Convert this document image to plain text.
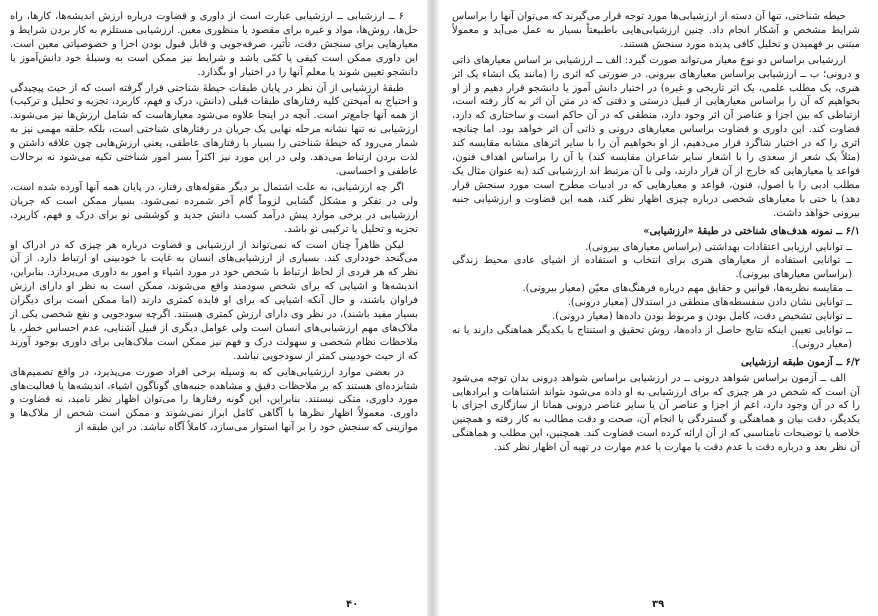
۶ ــ ارزشیابی ــ ارزشیابی عبارت است از داوری و قضاوت درباره ارزش اندیشه‌ها، کارها، راه حل‌ها، روش‌ها، مواد و غیره برای مقصود یا منظوری معین. ارزشیابی مستلزم به کار بردن شرایط و معیارهایی برای سنجش دقت، تأثیر، صرفه‌جویی و قابل قبول بودن اجزا و خصوصیاتی معین است. این داوری ممکن است کیفی یا کمّی باشد و شرایط نیز ممکن است به وسیلهٔ خود دانش‌آموز یا دانشجو تعیین شوند یا معلم آنها را در اختیار او بگذارد.

طبقهٔ ارزشیابی از آن نظر در پایان طبقات حیطهٔ شناختی قرار گرفته است که از حیث پیچیدگی و احتیاج به آمیختن کلیه رفتارهای طبقات قبلی (دانش، درک و فهم، کاربرد، تجزیه و تحلیل و ترکیب) از همه آنها جامع‌تر است. آنچه در اینجا علاوه می‌شود معیارهاست که شامل ارزش‌ها نیز می‌شوند. ارزشیابی نه تنها نشانه مرحله نهایی یک جریان در رفتارهای شناختی است، بلکه حلقه مهمی نیز به شمار می‌رود که حیطهٔ شناختی را بسیار با رفتارهای عاطفی، یعنی ارزش‌هایی چون علاقه داشتن و لذت بردن ارتباط می‌دهد. ولی در این مورد نیز اکثراً بسر امور شناختی تکیه می‌شود نه برحالات عاطفی و احساسی.

اگر چه ارزشیابی، به علت اشتمال بر دیگر مقوله‌های رفتار، در پایان همه آنها آورده شده است، ولی در تفکر و مشکل گشایی لزوماً گام آخر شمرده نمی‌شود. بسیار ممکن است که جریان ارزشیابی در برخی موارد پیش درآمد کسب دانش جدید و کوششی نو برای درک و فهم، کاربرد، تجزیه و تحلیل یا ترکیبی نو باشد.

لیکن ظاهراً چنان است که نمی‌تواند از ارزشیابی و قضاوت درباره هر چیزی که در ادراک او می‌گنجد خودداری کند. بسیاری از ارزشیابی‌های انسان به غایت با خودبینی او ارتباط دارد. از آن نظر که هر فردی از لحاظ ارتباط با شخص خود در مورد اشیاء و امور به داوری می‌پردازد. بنابراین، اندیشه‌ها و اشیایی که برای شخص سودمند واقع می‌شوند، ممکن است به نظر او دارای ارزش فراوان باشند، و حال آنکه اشیایی که برای او فایده کمتری دارند (اما ممکن است برای دیگران بسیار مفید باشند)، در نظر وی دارای ارزش کمتری هستند. اگرچه سودجویی و نفع شخصی یکی از ملاک‌های مهم ارزشیابی‌های انسان است ولی عوامل دیگری از قبیل آشنایی، عدم احساس خطر، یا ملاحظات نظام شخصی و سهولت درک و فهم نیز ممکن است ملاک‌هایی برای داوری بوجود آورند که از حیث خودبینی کمتر از سودجویی نباشد.

در بعضی موارد ارزشیابی‌هایی که به وسیله برخی افراد صورت می‌پذیرد، در واقع تصمیم‌های شتابزده‌ای هستند که بر ملاحظات دقیق و مشاهده جنبه‌های گوناگون اشیاء، اندیشه‌ها یا فعالیت‌های مورد داوری، متکی نیستند. بنابراین، این گونه رفتارها را می‌توان اظهار نظر نامید، نه قضاوت و داوری. معمولاً اظهار نظرها با آگاهی کامل ابراز نمی‌شوند و ممکن است شخص از ملاک‌ها و موازینی که سنجش خود را بر آنها استوار می‌سازد، کاملاً آگاه نباشد. در این طبقه از

۴۰

حیطه شناختی، تنها آن دسته از ارزشیابی‌ها مورد توجه قرار می‌گیرند که می‌توان آنها را براساس شرایط مشخص و آشکار انجام داد. چنین ارزشیابی‌هایی باطبیعتاً بسیار به عمل می‌آید و معمولاً مبتنی بر فهمیدن و تحلیل کافی پدیده مورد سنجش هستند.

ارزشیابی براساس دو نوع معیار می‌تواند صورت گیرد: الف ــ ارزشیابی بر اساس معیارهای ذاتی و درونی؛ ب ــ ارزشیابی براساس معیارهای بیرونی. در صورتی که اثری را (مانند یک انشاء یک اثر هنری، یک مطلب علمی، یک اثر تاریخی و غیره) در اختیار دانش آموز یا دانشجو قرار دهیم و از او بخواهیم که آن را براساس معیارهایی از قبیل درستی و دقتی که در متن آن اثر به کار رفته است، ارتباطی که بین اجزا و عناصر آن اثر وجود دارد، منطقی که در آن حاکم است و ساختاری که دارد، قضاوت کند. این داوری و قضاوت براساس معیارهای درونی و ذاتی آن اثر خواهد بود. اما چنانچه اثری را که در اختیار شاگرد قرار می‌دهیم، از او بخواهیم آن را با سایر اثرهای مشابه مقایسه کند (مثلاً یک شعر از سعدی را با اشعار سایر شاعران مقایسه کند) یا آن را براساس اهداف فنون، قواعد یا معیارهایی که خارج از آن قرار دارند، ولی با آن مرتبط اند ارزشیابی کند (به عنوان مثال یک مطلب ادبی را با اصول، فنون، قواعد و معیارهایی که در ادبیات مطرح است مورد سنجش قرار دهد) یا حتی با معیارهای شخصی درباره چیزی اظهار نظر کند، همه این قضاوت و ارزشیابی جنبه بیرونی خواهد داشت.

۶/۱ ــ نمونه هدف‌های شناختی در طبقهٔ «ارزشیابی»

ــ توانایی ارزیابی اعتقادات بهداشتی (براساس معیارهای بیرونی).
ــ توانایی استفاده از معیارهای هنری برای انتخاب و استفاده از اشیای عادی محیط زندگی (براساس معیارهای بیرونی).
ــ مقایسه نظریه‌ها، قوانین و حقایق مهم درباره فرهنگ‌های معیّن (معیار بیرونی).
ــ توانایی نشان دادن سفسطه‌های منطقی در استدلال (معیار درونی).
ــ توانایی تشخیص دقت، کامل بودن و مربوط بودن داده‌ها (معیار درونی).
ــ توانایی تعیین اینکه نتایج حاصل از داده‌ها، روش تحقیق و استنتاج با یکدیگر هماهنگی دارند یا نه (معیار درونی).

۶/۲ ــ آزمون طبقه ارزشیابی

الف ــ آزمون براساس شواهد درونی ــ در ارزشیابی براساس شواهد درونی بدان توجه می‌شود آن است که شخص در هر چیزی که برای ارزشیابی به او داده می‌شود بتواند اشتباهات و ایرادهایی را که در آن وجود دارد، اعم از اجزا و عناصر آن یا سایر عناصر درونی همانا از سازگاری اجزای با یکدیگر، دقت بیان و هماهنگی و گستردگی یا انجام آن، صحت و دقت مطالب به کار رفته و همچنین خلاصه یا توضیحات نامناسبی که از آن ارائه کرده است قضاوت کند. همچنین، این مطلب و هماهنگی آن نظر بعد و درباره دقت با عدم دقت یا مهارت یا عدم مهارت در تهیه آن اظهار نظر کند.

۳۹
